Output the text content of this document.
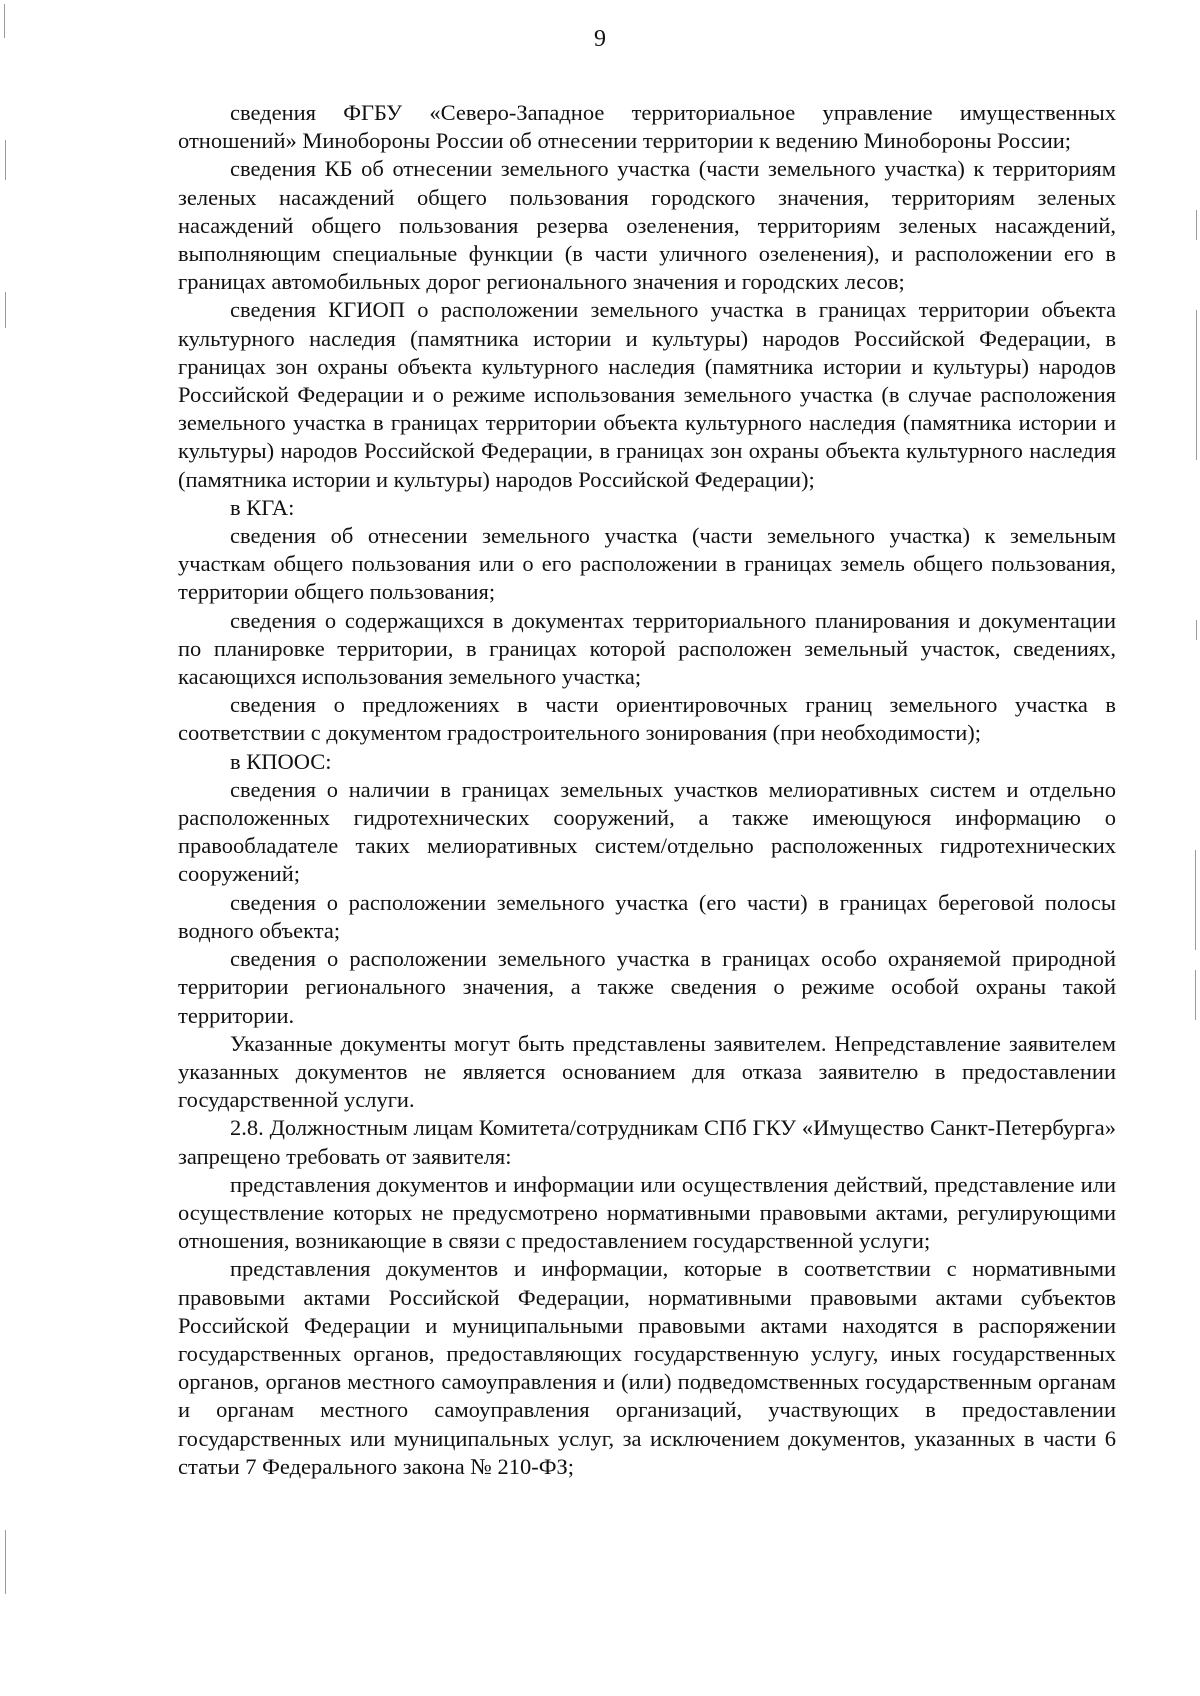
9

сведения ФГБУ «Северо-Западное территориальное управление имущественных отношений» Минобороны России об отнесении территории к ведению Минобороны России;

сведения КБ об отнесении земельного участка (части земельного участка) к территориям зеленых насаждений общего пользования городского значения, территориям зеленых насаждений общего пользования резерва озеленения, территориям зеленых насаждений, выполняющим специальные функции (в части уличного озеленения), и расположении его в границах автомобильных дорог регионального значения и городских лесов;

сведения КГИОП о расположении земельного участка в границах территории объекта культурного наследия (памятника истории и культуры) народов Российской Федерации, в границах зон охраны объекта культурного наследия (памятника истории и культуры) народов Российской Федерации и о режиме использования земельного участка (в случае расположения земельного участка в границах территории объекта культурного наследия (памятника истории и культуры) народов Российской Федерации, в границах зон охраны объекта культурного наследия (памятника истории и культуры) народов Российской Федерации);

в КГА:

сведения об отнесении земельного участка (части земельного участка) к земельным участкам общего пользования или о его расположении в границах земель общего пользования, территории общего пользования;

сведения о содержащихся в документах территориального планирования и документации по планировке территории, в границах которой расположен земельный участок, сведениях, касающихся использования земельного участка;

сведения о предложениях в части ориентировочных границ земельного участка в соответствии с документом градостроительного зонирования (при необходимости);

в КПООС:

сведения о наличии в границах земельных участков мелиоративных систем и отдельно расположенных гидротехнических сооружений, а также имеющуюся информацию о правообладателе таких мелиоративных систем/отдельно расположенных гидротехнических сооружений;

сведения о расположении земельного участка (его части) в границах береговой полосы водного объекта;

сведения о расположении земельного участка в границах особо охраняемой природной территории регионального значения, а также сведения о режиме особой охраны такой территории.

Указанные документы могут быть представлены заявителем. Непредставление заявителем указанных документов не является основанием для отказа заявителю в предоставлении государственной услуги.

2.8. Должностным лицам Комитета/сотрудникам СПб ГКУ «Имущество Санкт-Петербурга» запрещено требовать от заявителя:

представления документов и информации или осуществления действий, представление или осуществление которых не предусмотрено нормативными правовыми актами, регулирующими отношения, возникающие в связи с предоставлением государственной услуги;

представления документов и информации, которые в соответствии с нормативными правовыми актами Российской Федерации, нормативными правовыми актами субъектов Российской Федерации и муниципальными правовыми актами находятся в распоряжении государственных органов, предоставляющих государственную услугу, иных государственных органов, органов местного самоуправления и (или) подведомственных государственным органам и органам местного самоуправления организаций, участвующих в предоставлении государственных или муниципальных услуг, за исключением документов, указанных в части 6 статьи 7 Федерального закона № 210-ФЗ;
